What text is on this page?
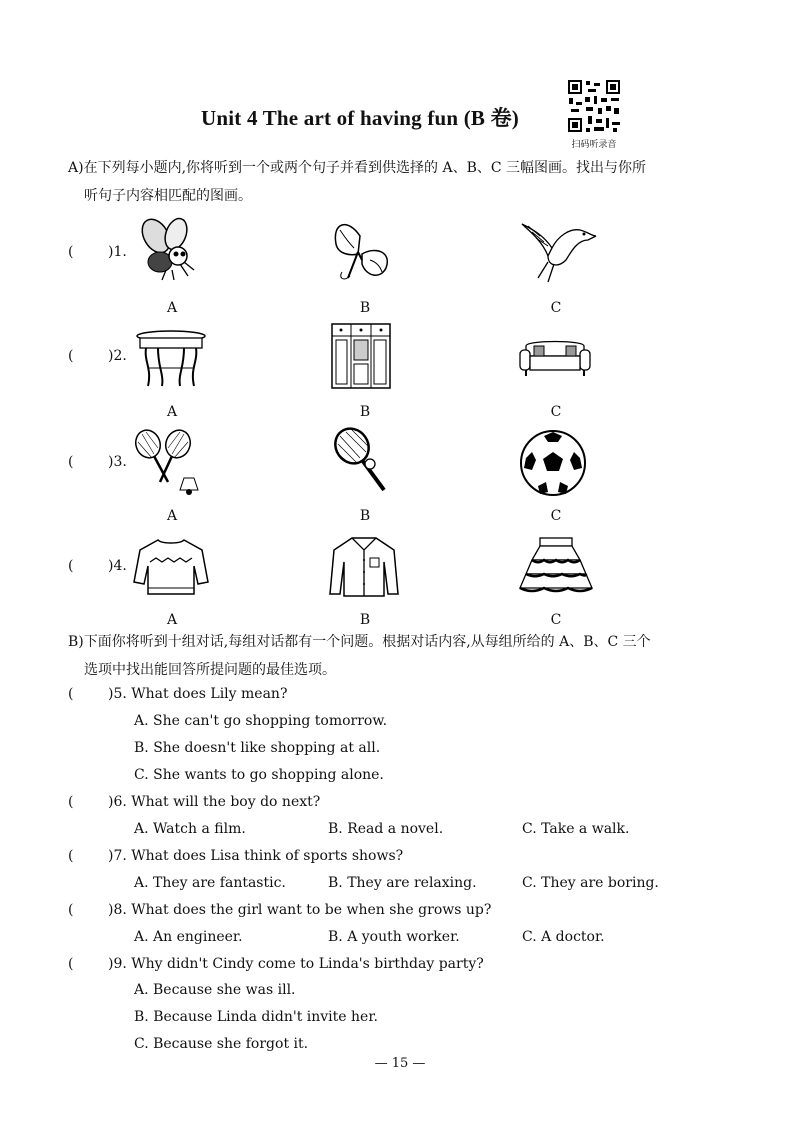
Unit 4 The art of having fun (B 卷)
扫码听录音
A)在下列每小题内,你将听到一个或两个句子并看到供选择的 A、B、C 三幅图画。找出与你所
听句子内容相匹配的图画。
( )1.
( )2.
( )3.
( )4.
A	B	C
A	B	C
A	B	C
A	B	C
B)下面你将听到十组对话,每组对话都有一个问题。根据对话内容,从每组所给的 A、B、C 三个
选项中找出能回答所提问题的最佳选项。
( )5. What does Lily mean?
A. She can't go shopping tomorrow.
B. She doesn't like shopping at all.
C. She wants to go shopping alone.
( )6. What will the boy do next?
A. Watch a film.	B. Read a novel.	C. Take a walk.
( )7. What does Lisa think of sports shows?
A. They are fantastic.	B. They are relaxing.	C. They are boring.
( )8. What does the girl want to be when she grows up?
A. An engineer.	B. A youth worker.	C. A doctor.
( )9. Why didn't Cindy come to Linda's birthday party?
A. Because she was ill.
B. Because Linda didn't invite her.
C. Because she forgot it.
— 15 —
